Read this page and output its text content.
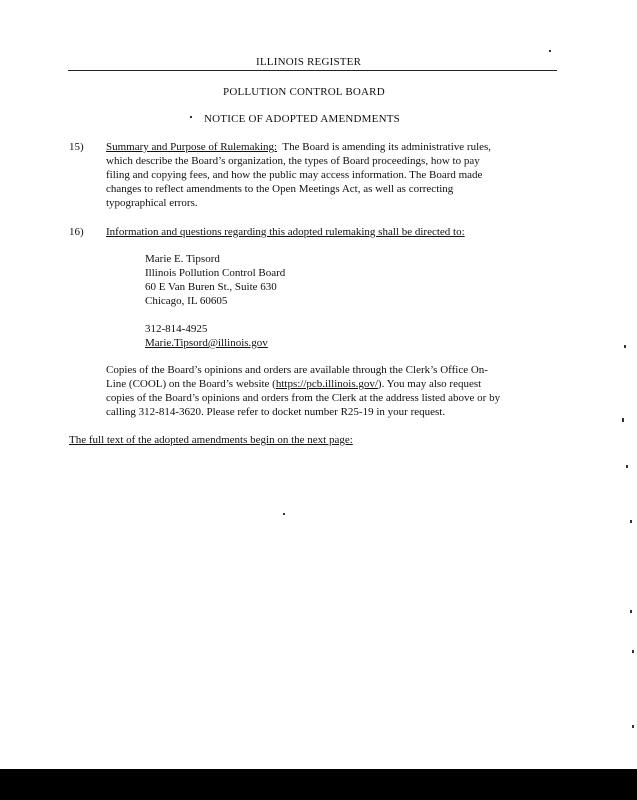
ILLINOIS REGISTER
POLLUTION CONTROL BOARD
NOTICE OF ADOPTED AMENDMENTS
15) Summary and Purpose of Rulemaking: The Board is amending its administrative rules,
which describe the Board’s organization, the types of Board proceedings, how to pay
filing and copying fees, and how the public may access information. The Board made
changes to reflect amendments to the Open Meetings Act, as well as correcting
typographical errors.
16) Information and questions regarding this adopted rulemaking shall be directed to:
Marie E. Tipsord
Illinois Pollution Control Board
60 E Van Buren St., Suite 630
Chicago, IL 60605
312-814-4925
Marie.Tipsord@illinois.gov
Copies of the Board’s opinions and orders are available through the Clerk’s Office On-
Line (COOL) on the Board’s website (https://pcb.illinois.gov/). You may also request
copies of the Board’s opinions and orders from the Clerk at the address listed above or by
calling 312-814-3620. Please refer to docket number R25-19 in your request.
The full text of the adopted amendments begin on the next page:
